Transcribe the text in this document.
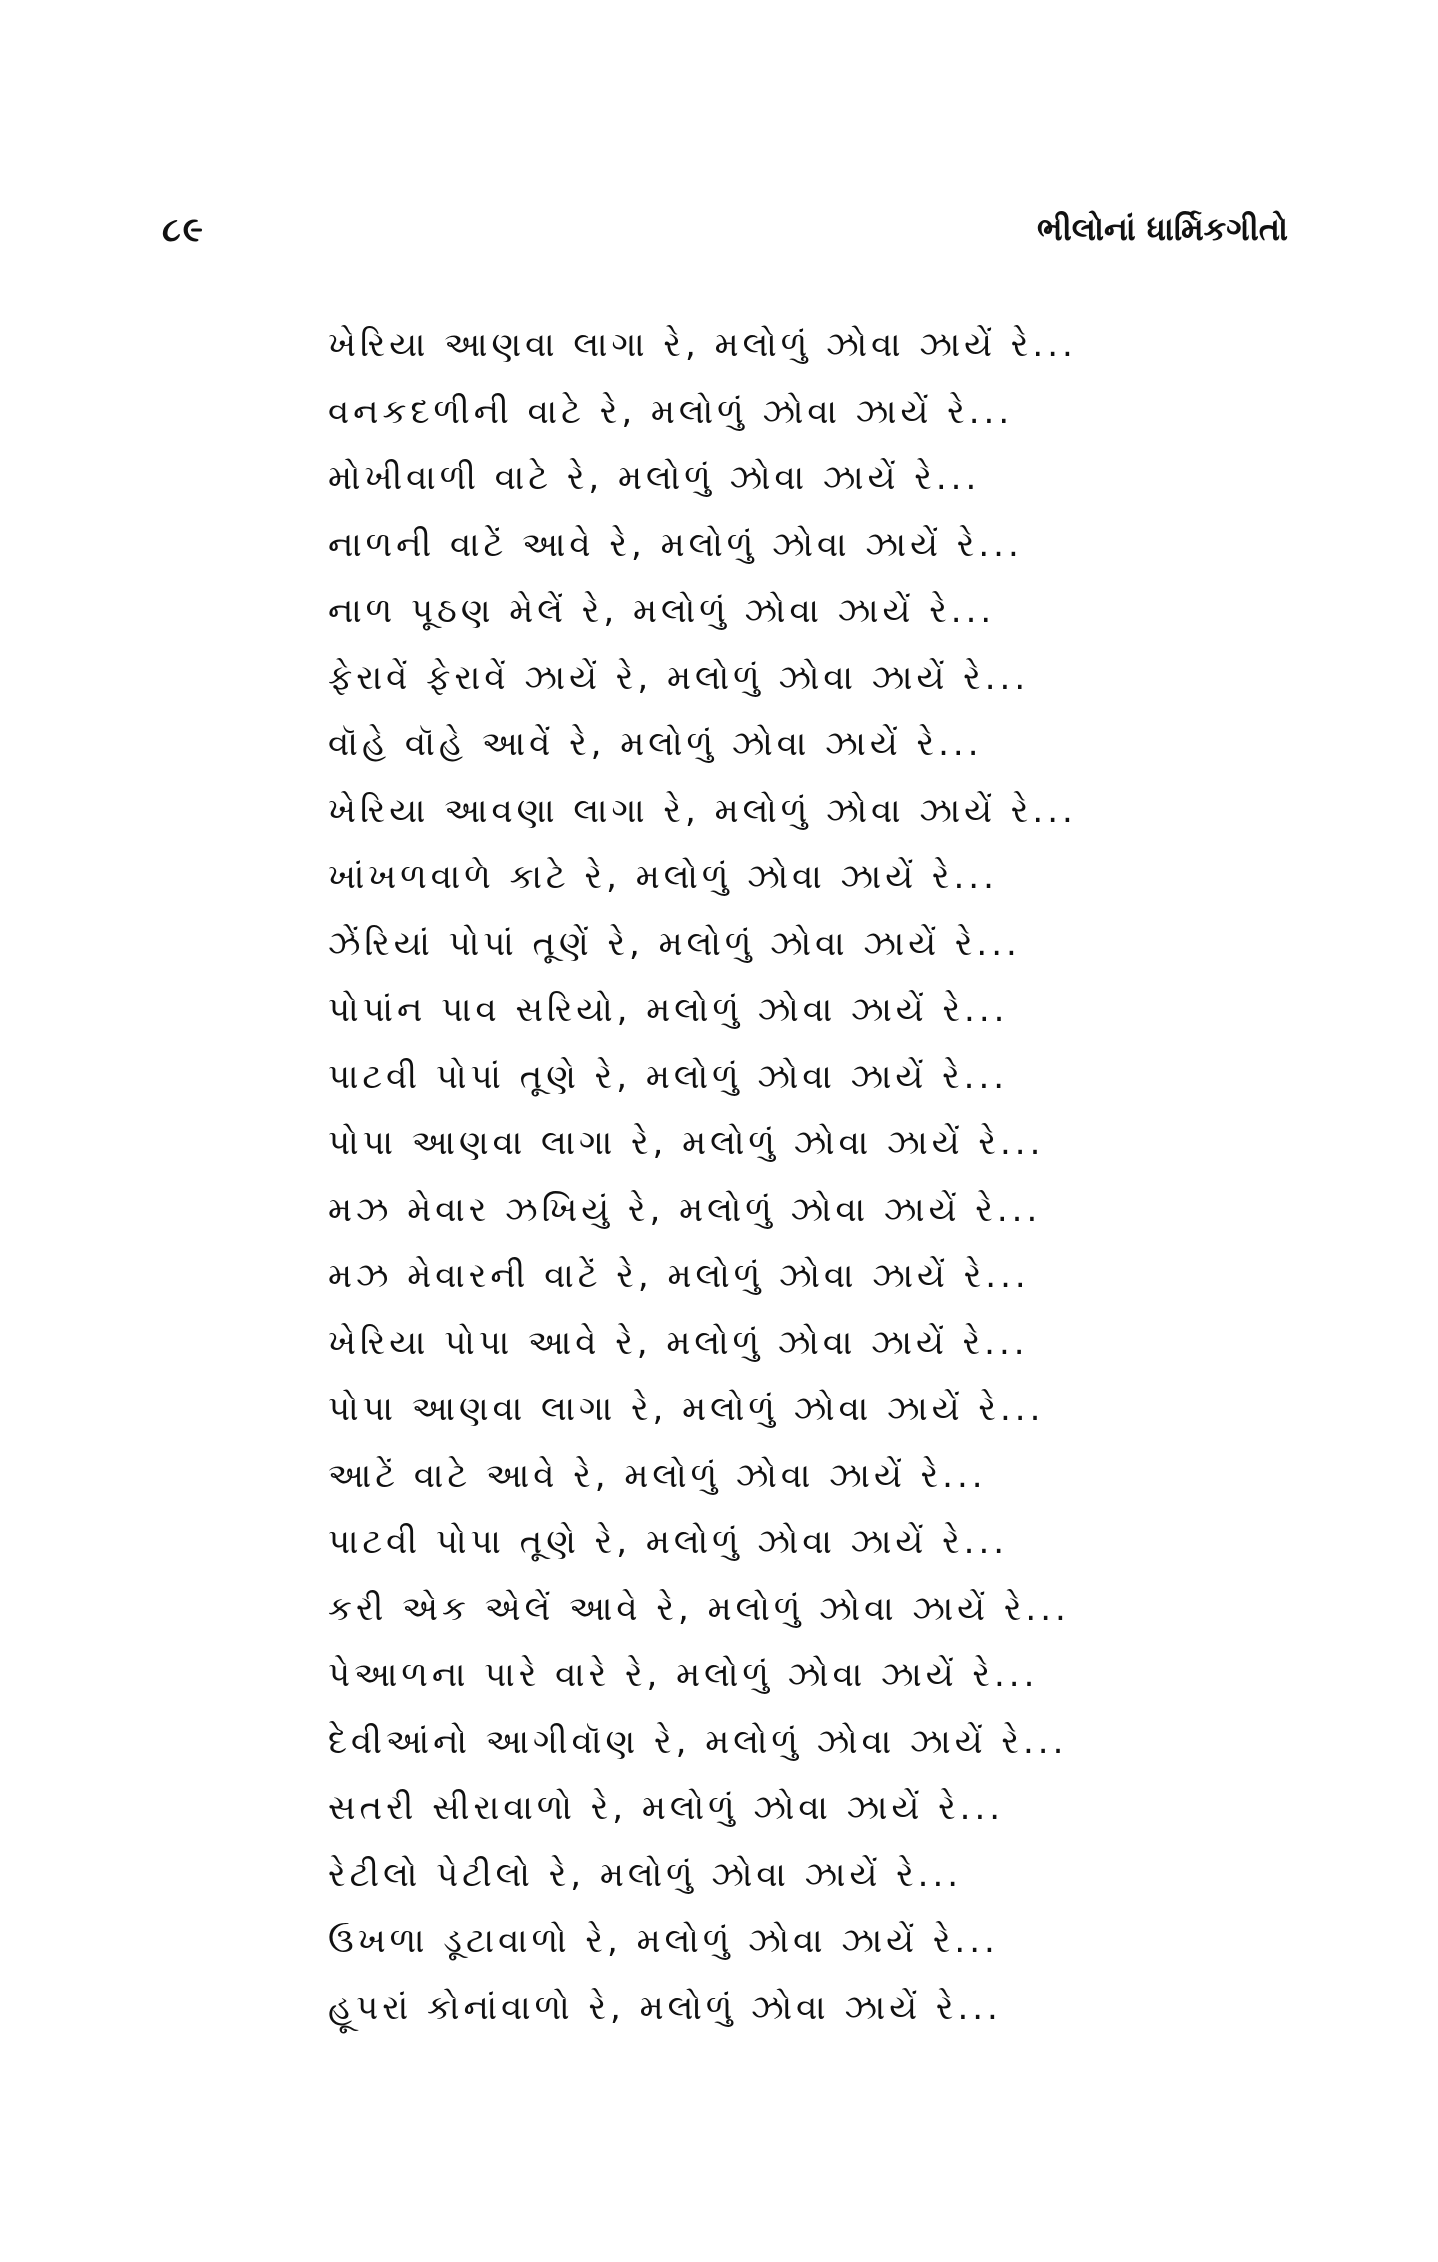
૮૯	ભીલોનાં ધાર્મિકગીતો
ખેરિયા આણવા લાગા રે, મલોળું ઝોવા ઝાયેં રે...
વનકદળીની વાટે રે, મલોળું ઝોવા ઝાયેં રે...
મોખીવાળી વાટે રે, મલોળું ઝોવા ઝાયેં રે...
નાળની વાટેં આવે રે, મલોળું ઝોવા ઝાયેં રે...
નાળ પૂઠણ મેલેં રે, મલોળું ઝોવા ઝાયેં રે...
ફેરાવેં ફેરાવેં ઝાયેં રે, મલોળું ઝોવા ઝાયેં રે...
વૉહે વૉહે આવેં રે, મલોળું ઝોવા ઝાયેં રે...
ખેરિયા આવણા લાગા રે, મલોળું ઝોવા ઝાયેં રે...
ખાંખળવાળે કાટે રે, મલોળું ઝોવા ઝાયેં રે...
ઝેંરિયાં પોપાં તૂણેં રે, મલોળું ઝોવા ઝાયેં રે...
પોપાંન પાવ સરિયો, મલોળું ઝોવા ઝાયેં રે...
પાટવી પોપાં તૂણે રે, મલોળું ઝોવા ઝાયેં રે...
પોપા આણવા લાગા રે, મલોળું ઝોવા ઝાયેં રે...
મઝ મેવાર ઝખિયું રે, મલોળું ઝોવા ઝાયેં રે...
મઝ મેવારની વાટેં રે, મલોળું ઝોવા ઝાયેં રે...
ખેરિયા પોપા આવે રે, મલોળું ઝોવા ઝાયેં રે...
પોપા આણવા લાગા રે, મલોળું ઝોવા ઝાયેં રે...
આટેં વાટે આવે રે, મલોળું ઝોવા ઝાયેં રે...
પાટવી પોપા તૂણે રે, મલોળું ઝોવા ઝાયેં રે...
કરી એક એલેં આવે રે, મલોળું ઝોવા ઝાયેં રે...
પેઆળના પારે વારે રે, મલોળું ઝોવા ઝાયેં રે...
દેવીઆંનો આગીવૉણ રે, મલોળું ઝોવા ઝાયેં રે...
સતરી સીરાવાળો રે, મલોળું ઝોવા ઝાયેં રે...
રેટીલો પેટીલો રે, મલોળું ઝોવા ઝાયેં રે...
ઉખળા ડૂટાવાળો રે, મલોળું ઝોવા ઝાયેં રે...
હૂપરાં કોનાંવાળો રે, મલોળું ઝોવા ઝાયેં રે...
